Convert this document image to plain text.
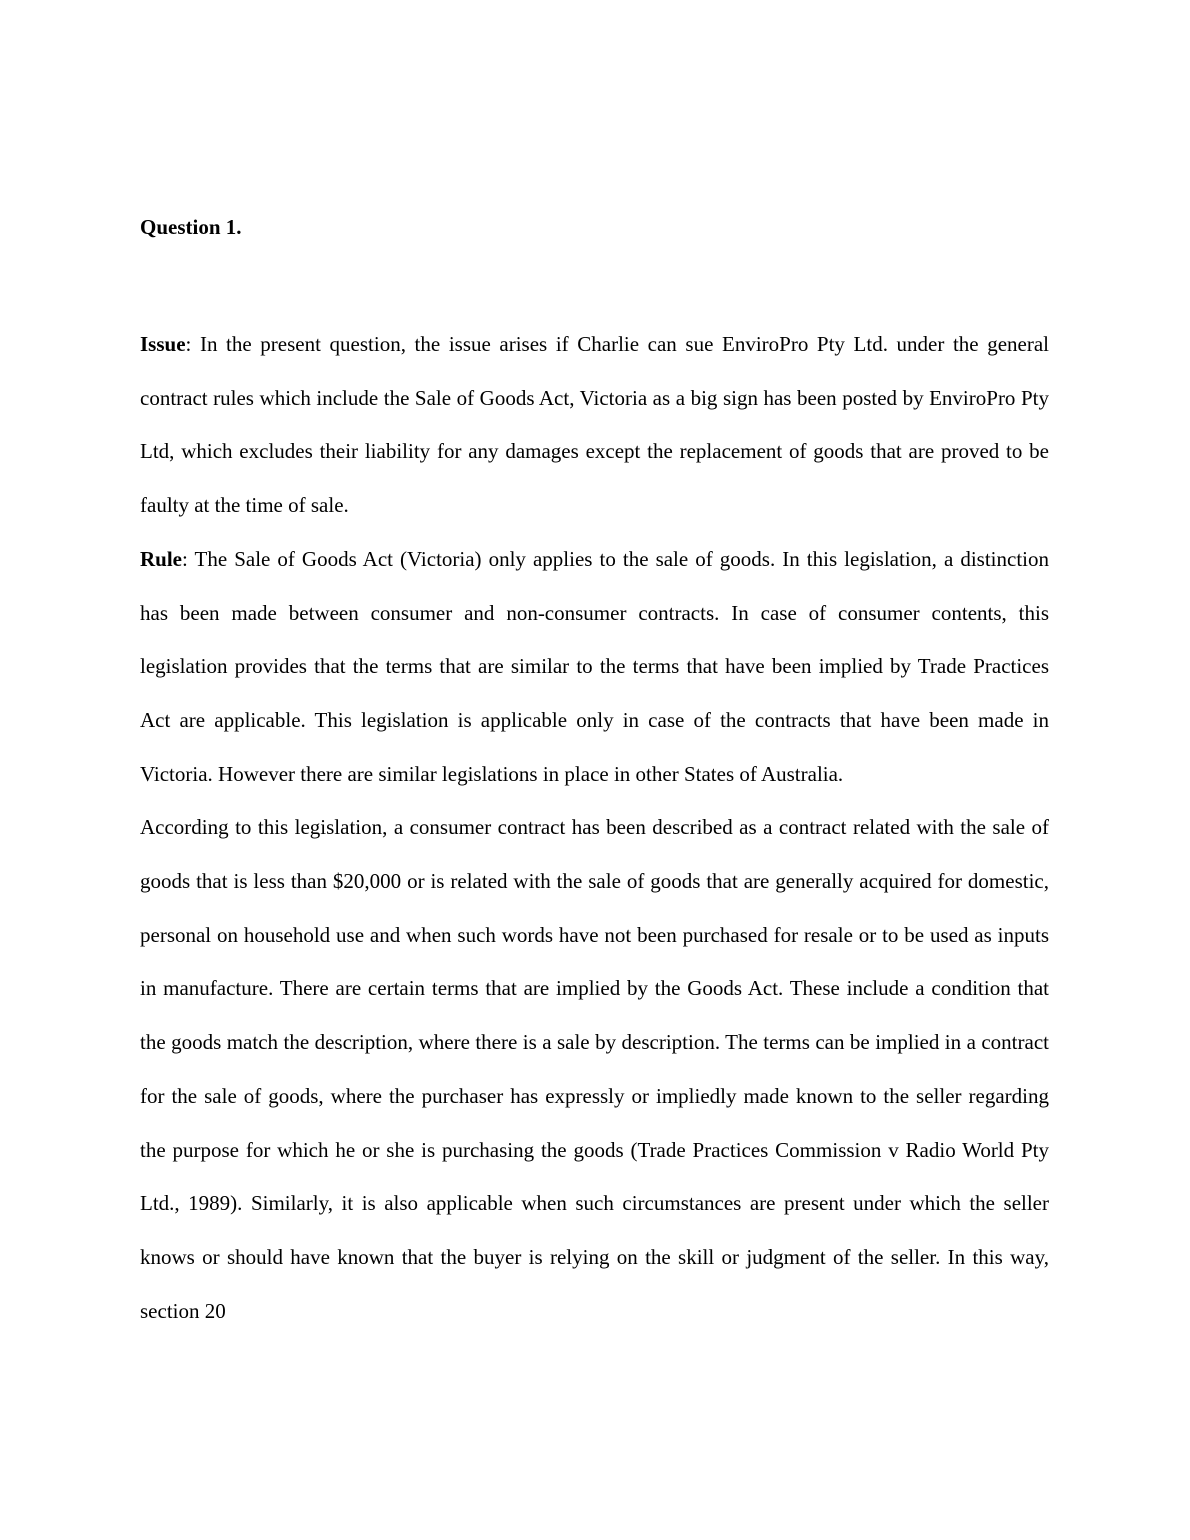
Question 1.

Issue: In the present question, the issue arises if Charlie can sue EnviroPro Pty Ltd. under the general contract rules which include the Sale of Goods Act, Victoria as a big sign has been posted by EnviroPro Pty Ltd, which excludes their liability for any damages except the replacement of goods that are proved to be faulty at the time of sale.

Rule: The Sale of Goods Act (Victoria) only applies to the sale of goods. In this legislation, a distinction has been made between consumer and non-consumer contracts. In case of consumer contents, this legislation provides that the terms that are similar to the terms that have been implied by Trade Practices Act are applicable. This legislation is applicable only in case of the contracts that have been made in Victoria. However there are similar legislations in place in other States of Australia.

According to this legislation, a consumer contract has been described as a contract related with the sale of goods that is less than $20,000 or is related with the sale of goods that are generally acquired for domestic, personal on household use and when such words have not been purchased for resale or to be used as inputs in manufacture. There are certain terms that are implied by the Goods Act. These include a condition that the goods match the description, where there is a sale by description. The terms can be implied in a contract for the sale of goods, where the purchaser has expressly or impliedly made known to the seller regarding the purpose for which he or she is purchasing the goods (Trade Practices Commission v Radio World Pty Ltd., 1989). Similarly, it is also applicable when such circumstances are present under which the seller knows or should have known that the buyer is relying on the skill or judgment of the seller. In this way, section 20
